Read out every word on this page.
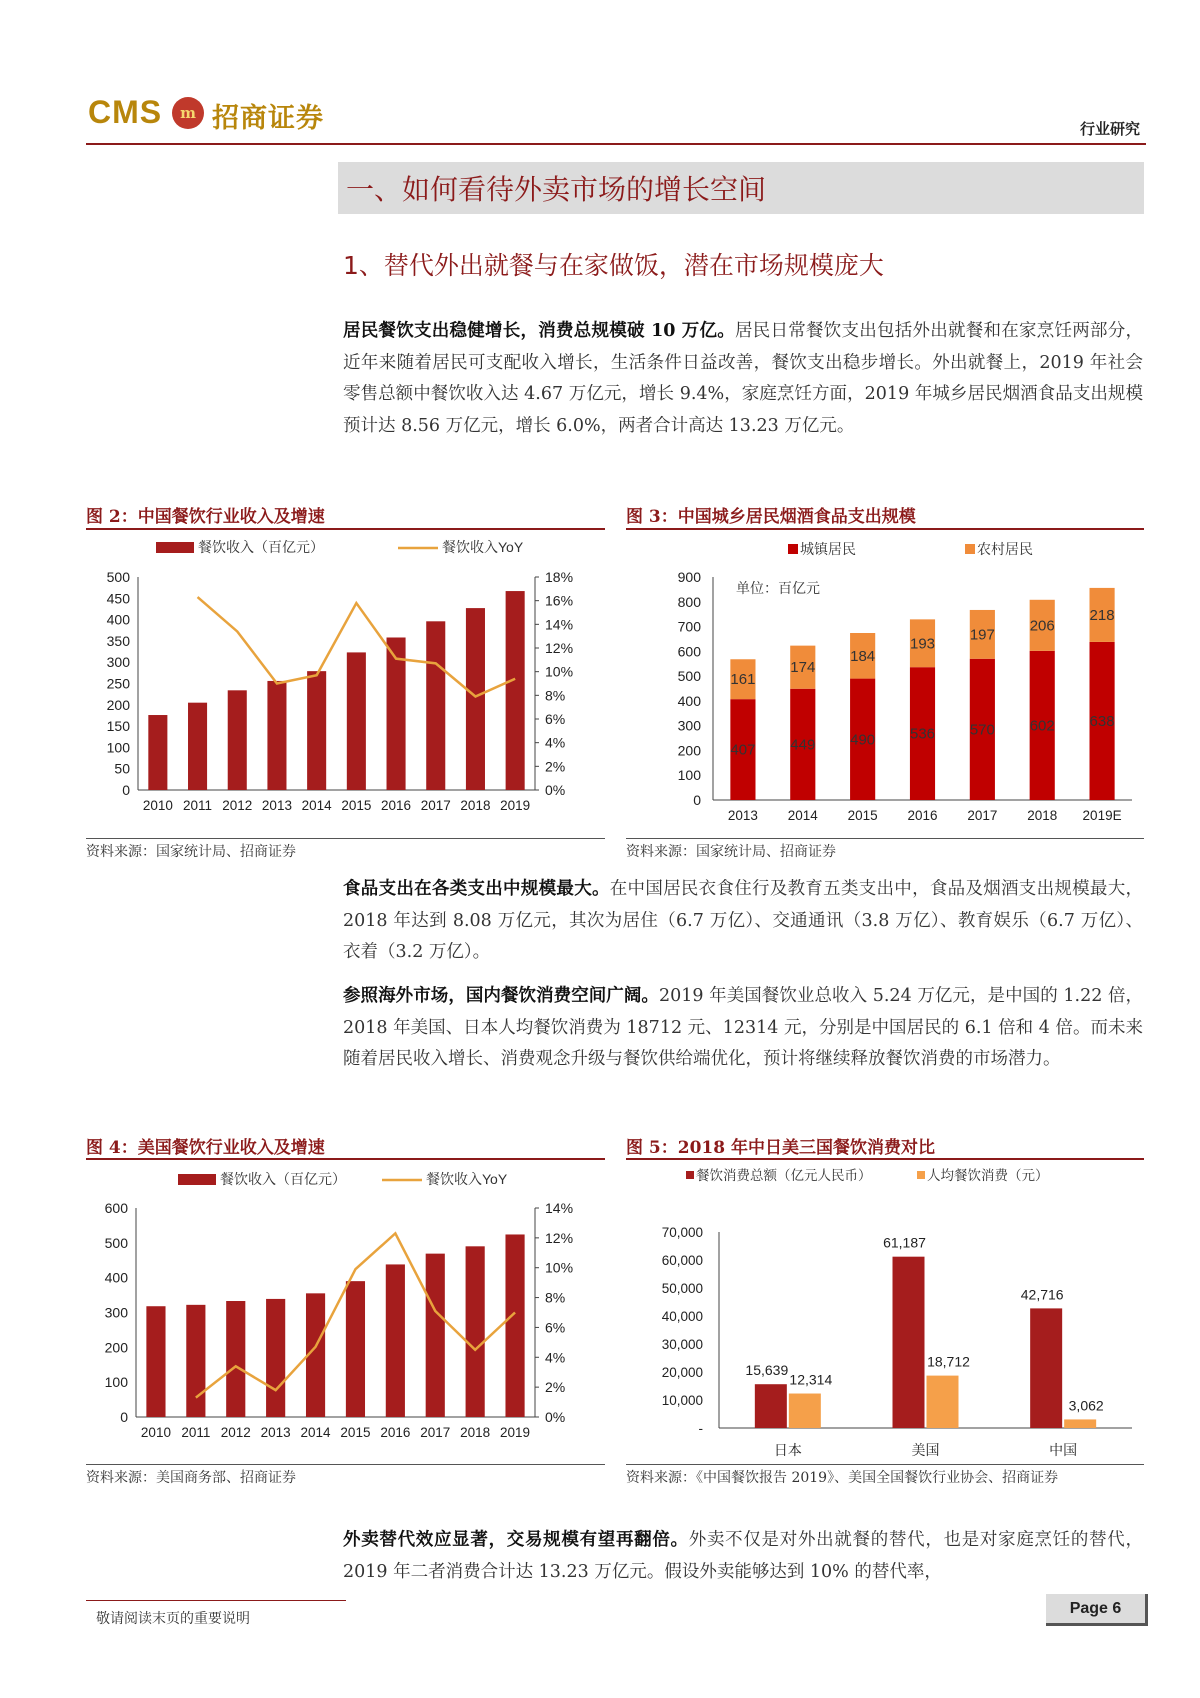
CMS	m 招商证券	行业研究
一、如何看待外卖市场的增长空间
1、替代外出就餐与在家做饭，潜在市场规模庞大
居民餐饮支出稳健增长，消费总规模破 10 万亿。居民日常餐饮支出包括外出就餐和在家烹饪两部分，近年来随着居民可支配收入增长，生活条件日益改善，餐饮支出稳步增长。外出就餐上，2019 年社会零售总额中餐饮收入达 4.67 万亿元，增长 9.4%，家庭烹饪方面，2019 年城乡居民烟酒食品支出规模预计达 8.56 万亿元，增长 6.0%，两者合计高达 13.23 万亿元。
图 2：中国餐饮行业收入及增速
餐饮收入（百亿元）	餐饮收入YoY
500
450
400
350
300
250
200
150
100
50
0
18%
16%
14%
12%
10%
8%
6%
4%
2%
0%
2010 2011 2012 2013 2014 2015 2016 2017 2018 2019
资料来源：国家统计局、招商证券
图 3：中国城乡居民烟酒食品支出规模
城镇居民	农村居民
单位：百亿元
900
800
700
600
500
400
300
200
100
0
407
161
2013
449
174
2014
490
184
2015
536
193
2016
570
197
2017
602
206
2018
638
218
2019E
资料来源：国家统计局、招商证券
食品支出在各类支出中规模最大。在中国居民衣食住行及教育五类支出中，食品及烟酒支出规模最大，2018 年达到 8.08 万亿元，其次为居住（6.7 万亿）、交通通讯（3.8 万亿）、教育娱乐（6.7 万亿）、衣着（3.2 万亿）。
参照海外市场，国内餐饮消费空间广阔。2019 年美国餐饮业总收入 5.24 万亿元，是中国的 1.22 倍，2018 年美国、日本人均餐饮消费为 18712 元、12314 元，分别是中国居民的 6.1 倍和 4 倍。而未来随着居民收入增长、消费观念升级与餐饮供给端优化，预计将继续释放餐饮消费的市场潜力。
图 4：美国餐饮行业收入及增速
餐饮收入（百亿元）	餐饮收入YoY
600
500
400
300
200
100
0
14%
12%
10%
8%
6%
4%
2%
0%
2010 2011 2012 2013 2014 2015 2016 2017 2018 2019
资料来源：美国商务部、招商证券
图 5：2018 年中日美三国餐饮消费对比
餐饮消费总额（亿元人民币）	人均餐饮消费（元）
70,000
60,000
50,000
40,000
30,000
20,000
10,000
-
15,639
12,314
日本
61,187
18,712
美国
42,716
3,062
中国
资料来源：《中国餐饮报告 2019》、美国全国餐饮行业协会、招商证券
外卖替代效应显著，交易规模有望再翻倍。外卖不仅是对外出就餐的替代，也是对家庭烹饪的替代，2019 年二者消费合计达 13.23 万亿元。假设外卖能够达到 10% 的替代率，
敬请阅读末页的重要说明
Page 6
